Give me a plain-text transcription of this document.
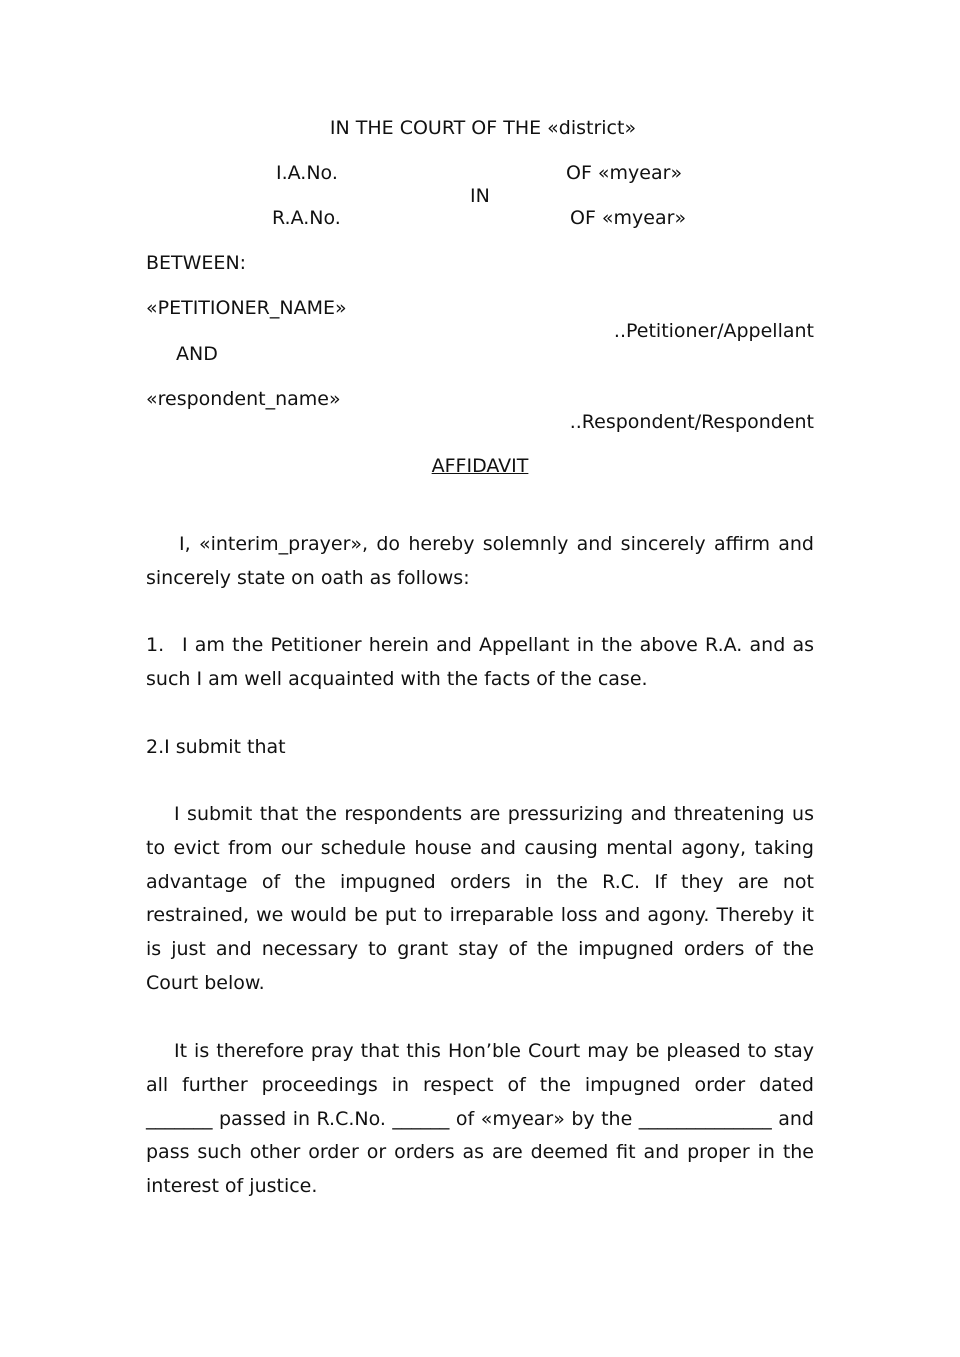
IN THE COURT OF THE «district»
I.A.No.	OF «myear»
IN
R.A.No.	OF «myear»
BETWEEN:
«PETITIONER_NAME»
..Petitioner/Appellant
AND
«respondent_name»
..Respondent/Respondent
AFFIDAVIT

I, «interim_prayer», do hereby solemnly and sincerely affirm and sincerely state on oath as follows:

1. I am the Petitioner herein and Appellant in the above R.A. and as such I am well acquainted with the facts of the case.

2.I submit that

I submit that the respondents are pressurizing and threatening us to evict from our schedule house and causing mental agony, taking advantage of the impugned orders in the R.C. If they are not restrained, we would be put to irreparable loss and agony. Thereby it is just and necessary to grant stay of the impugned orders of the Court below.

It is therefore pray that this Hon’ble Court may be pleased to stay all further proceedings in respect of the impugned order dated _______ passed in R.C.No. ______ of «myear» by the ______________ and pass such other order or orders as are deemed fit and proper in the interest of justice.
